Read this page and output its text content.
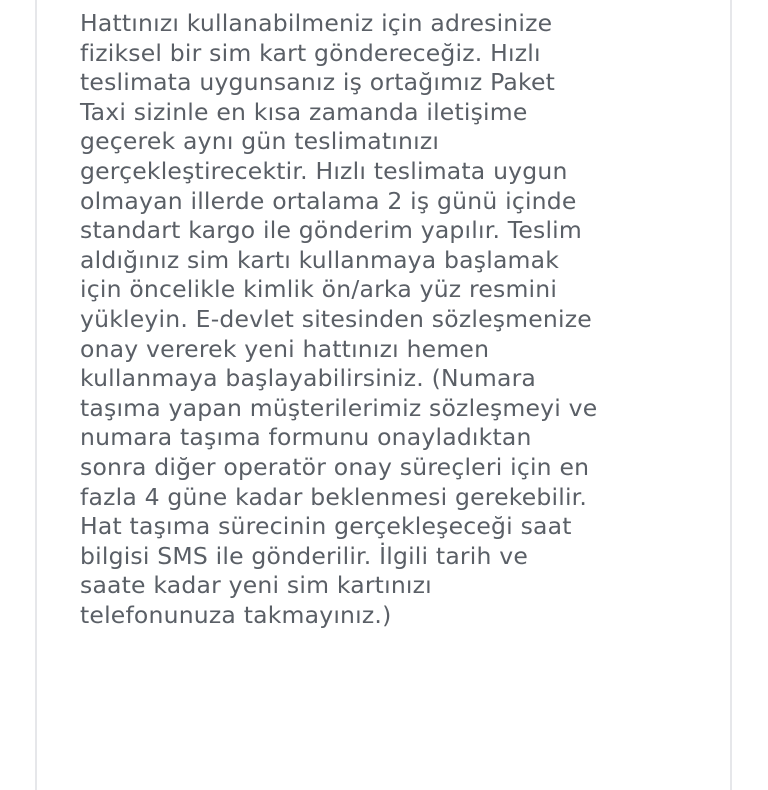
Hattınızı kullanabilmeniz için adresinize
fiziksel bir sim kart göndereceğiz. Hızlı
teslimata uygunsanız iş ortağımız Paket
Taxi sizinle en kısa zamanda iletişime
geçerek aynı gün teslimatınızı
gerçekleştirecektir. Hızlı teslimata uygun
olmayan illerde ortalama 2 iş günü içinde
standart kargo ile gönderim yapılır. Teslim
aldığınız sim kartı kullanmaya başlamak
için öncelikle kimlik ön/arka yüz resmini
yükleyin. E-devlet sitesinden sözleşmenize
onay vererek yeni hattınızı hemen
kullanmaya başlayabilirsiniz. (Numara
taşıma yapan müşterilerimiz sözleşmeyi ve
numara taşıma formunu onayladıktan
sonra diğer operatör onay süreçleri için en
fazla 4 güne kadar beklenmesi gerekebilir.
Hat taşıma sürecinin gerçekleşeceği saat
bilgisi SMS ile gönderilir. İlgili tarih ve
saate kadar yeni sim kartınızı
telefonunuza takmayınız.)
